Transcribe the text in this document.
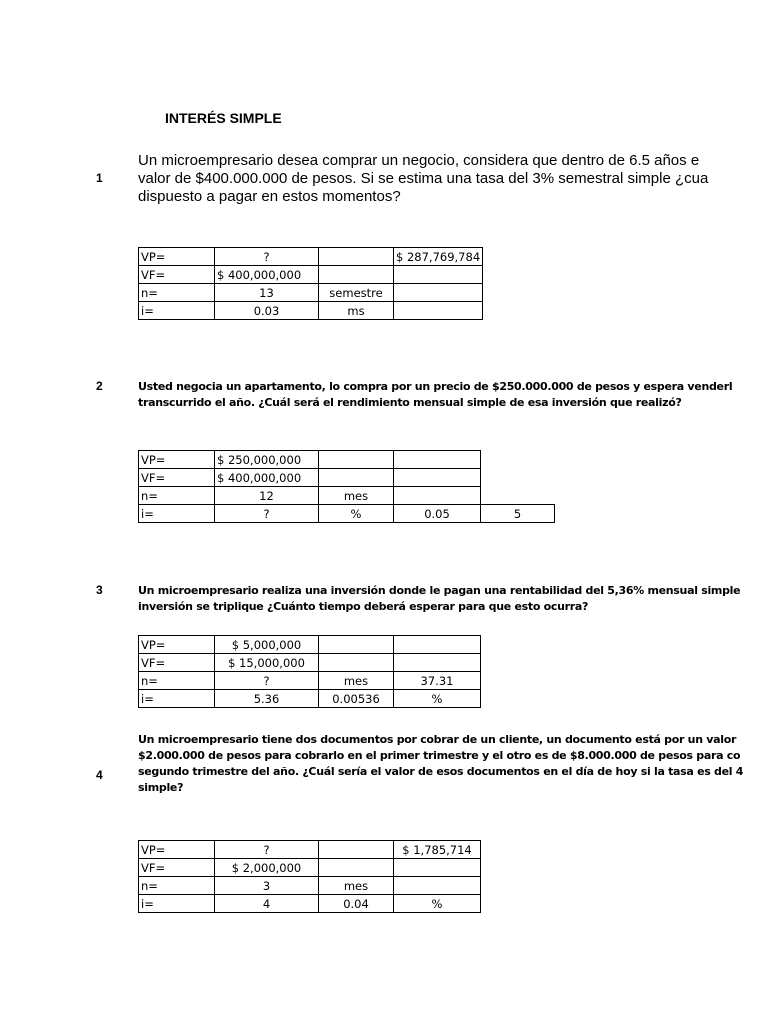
INTERÉS SIMPLE
1
Un microempresario desea comprar un negocio, considera que dentro de 6.5 años e
valor de $400.000.000 de pesos. Si se estima una tasa del 3% semestral simple ¿cua
dispuesto a pagar en estos momentos?
VP=	?		$ 287,769,784
VF=	$ 400,000,000		
n=	13	semestre	
i=	0.03	ms	
2	Usted negocia un apartamento, lo compra por un precio de $250.000.000 de pesos y espera venderl
transcurrido el año. ¿Cuál será el rendimiento mensual simple de esa inversión que realizó?
VP=	$ 250,000,000			
VF=	$ 400,000,000			
n=	12	mes		
i=	?	%	0.05	5
3	Un microempresario realiza una inversión donde le pagan una rentabilidad del 5,36% mensual simple
inversión se triplique ¿Cuánto tiempo deberá esperar para que esto ocurra?
VP=	$ 5,000,000		
VF=	$ 15,000,000		
n=	?	mes	37.31
i=	5.36	0.00536	%
4
Un microempresario tiene dos documentos por cobrar de un cliente, un documento está por un valor
$2.000.000 de pesos para cobrarlo en el primer trimestre y el otro es de $8.000.000 de pesos para co
segundo trimestre del año. ¿Cuál sería el valor de esos documentos en el día de hoy si la tasa es del 4
simple?
VP=	?		$ 1,785,714
VF=	$ 2,000,000		
n=	3	mes	
i=	4	0.04	%
